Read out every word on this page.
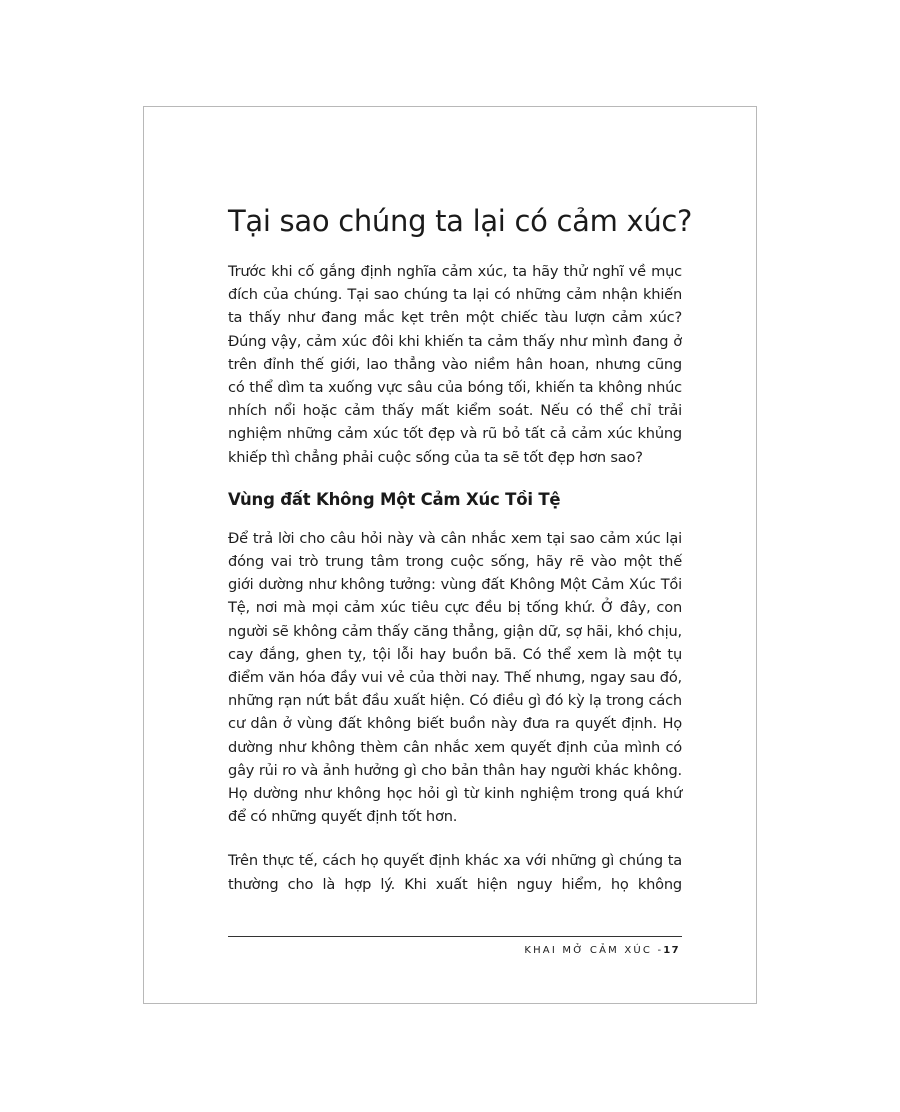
Tại sao chúng ta lại có cảm xúc?

Trước khi cố gắng định nghĩa cảm xúc, ta hãy thử nghĩ về mục đích của chúng. Tại sao chúng ta lại có những cảm nhận khiến ta thấy như đang mắc kẹt trên một chiếc tàu lượn cảm xúc? Đúng vậy, cảm xúc đôi khi khiến ta cảm thấy như mình đang ở trên đỉnh thế giới, lao thẳng vào niềm hân hoan, nhưng cũng có thể dìm ta xuống vực sâu của bóng tối, khiến ta không nhúc nhích nổi hoặc cảm thấy mất kiểm soát. Nếu có thể chỉ trải nghiệm những cảm xúc tốt đẹp và rũ bỏ tất cả cảm xúc khủng khiếp thì chẳng phải cuộc sống của ta sẽ tốt đẹp hơn sao?

Vùng đất Không Một Cảm Xúc Tồi Tệ

Để trả lời cho câu hỏi này và cân nhắc xem tại sao cảm xúc lại đóng vai trò trung tâm trong cuộc sống, hãy rẽ vào một thế giới dường như không tưởng: vùng đất Không Một Cảm Xúc Tồi Tệ, nơi mà mọi cảm xúc tiêu cực đều bị tống khứ. Ở đây, con người sẽ không cảm thấy căng thẳng, giận dữ, sợ hãi, khó chịu, cay đắng, ghen tỵ, tội lỗi hay buồn bã. Có thể xem là một tụ điểm văn hóa đầy vui vẻ của thời nay. Thế nhưng, ngay sau đó, những rạn nứt bắt đầu xuất hiện. Có điều gì đó kỳ lạ trong cách cư dân ở vùng đất không biết buồn này đưa ra quyết định. Họ dường như không thèm cân nhắc xem quyết định của mình có gây rủi ro và ảnh hưởng gì cho bản thân hay người khác không. Họ dường như không học hỏi gì từ kinh nghiệm trong quá khứ để có những quyết định tốt hơn.

Trên thực tế, cách họ quyết định khác xa với những gì chúng ta thường cho là hợp lý. Khi xuất hiện nguy hiểm, họ không

KHAI MỞ CẢM XÚC -17
